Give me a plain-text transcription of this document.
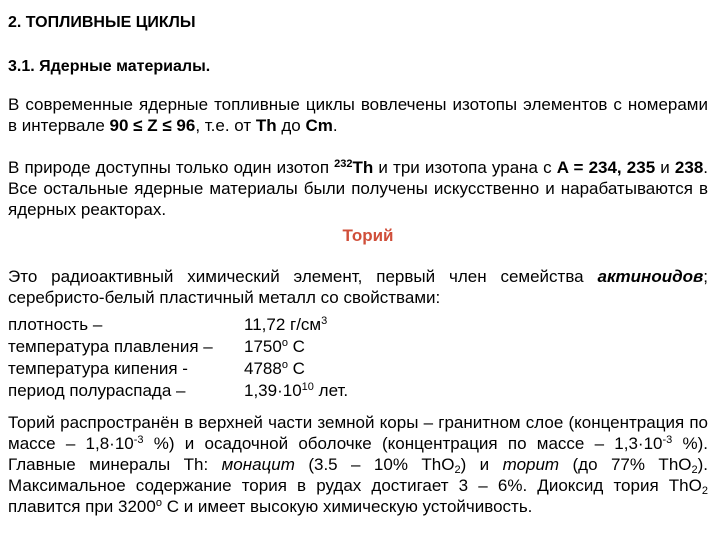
2. ТОПЛИВНЫЕ ЦИКЛЫ
3.1. Ядерные материалы.
В современные ядерные топливные циклы вовлечены изотопы элементов с номерами в интервале 90 ≤ Z ≤ 96, т.е. от Th до Cm.
В природе доступны только один изотоп $^{232}$Th и три изотопа урана с A = 234, 235 и 238. Все остальные ядерные материалы были получены искусственно и нарабатываются в ядерных реакторах.
Торий
Это радиоактивный химический элемент, первый член семейства актиноидов; серебристо-белый пластичный металл со свойствами:
плотность –	11,72 $г/см^3$
температура плавления – 1750$^o$ С
температура кипения -	4788$^o$ С
период полураспада –	$1,39\cdot 10^{10}$ лет.
Торий распространён в верхней части земной коры – гранитном слое (концентрация по массе – $1,8\cdot 10^{-3}$ %) и осадочной оболочке (концентрация по массе – $1,3\cdot 10^{-3}$ %). Главные минералы Th: монацит (3.5 – 10% ThO$_2$) и торит (до 77% ThO$_2$). Максимальное содержание тория в рудах достигает 3 – 6%. Диоксид тория ThO$_2$ плавится при 3200$^o$ С и имеет высокую химическую устойчивость.
